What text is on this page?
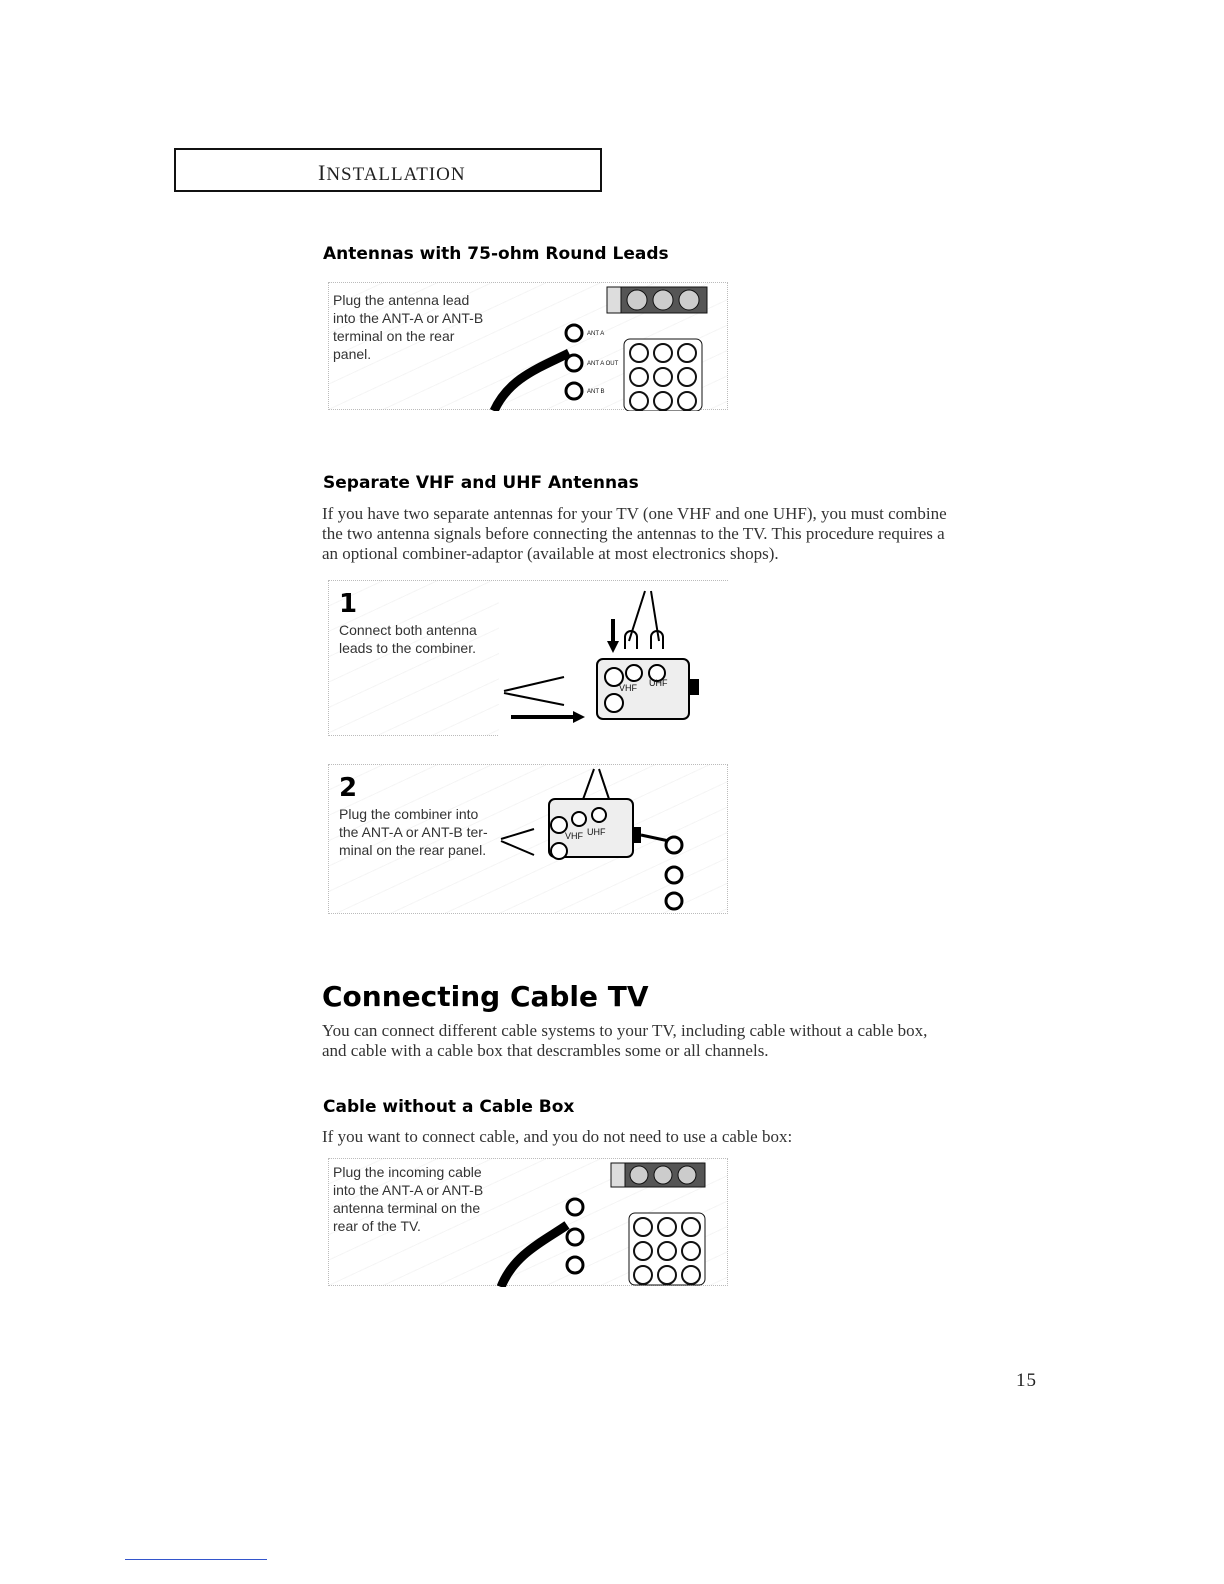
INSTALLATION
Antennas with 75-ohm Round Leads
Plug the antenna lead
into the ANT-A or ANT-B
terminal on the rear
panel.
ANT A
ANT A OUT
ANT B
Separate VHF and UHF Antennas
If you have two separate antennas for your TV (one VHF and one UHF), you must combine
the two antenna signals before connecting the antennas to the TV. This procedure requires a
an optional combiner-adaptor (available at most electronics shops).
1
Connect both antenna
leads to the combiner.
VHF UHF
2
Plug the combiner into
the ANT-A or ANT-B ter-
minal on the rear panel.
VHF UHF
Connecting Cable TV
You can connect different cable systems to your TV, including cable without a cable box,
and cable with a cable box that descrambles some or all channels.
Cable without a Cable Box
If you want to connect cable, and you do not need to use a cable box:
Plug the incoming cable
into the ANT-A or ANT-B
antenna terminal on the
rear of the TV.
15
